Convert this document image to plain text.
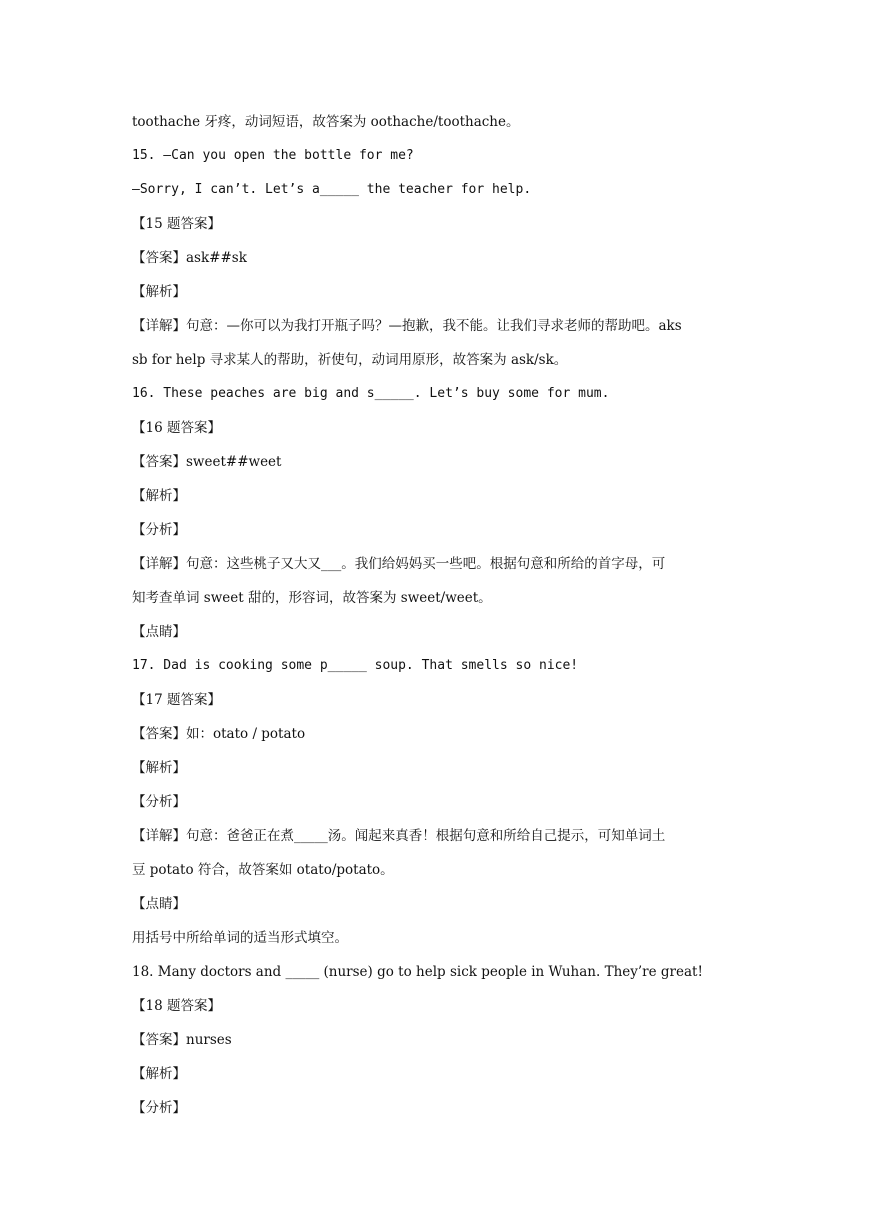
toothache 牙疼，动词短语，故答案为 oothache/toothache。
15. —Can you open the bottle for me?
—Sorry, I can’t. Let’s a_____ the teacher for help.
【15 题答案】
【答案】ask##sk
【解析】
【详解】句意：—你可以为我打开瓶子吗？—抱歉，我不能。让我们寻求老师的帮助吧。aks
sb for help 寻求某人的帮助，祈使句，动词用原形，故答案为 ask/sk。
16. These peaches are big and s_____. Let’s buy some for mum.
【16 题答案】
【答案】sweet##weet
【解析】
【分析】
【详解】句意：这些桃子又大又___。我们给妈妈买一些吧。根据句意和所给的首字母，可
知考查单词 sweet 甜的，形容词，故答案为 sweet/weet。
【点睛】
17. Dad is cooking some p_____ soup. That smells so nice!
【17 题答案】
【答案】如：otato / potato
【解析】
【分析】
【详解】句意：爸爸正在煮_____汤。闻起来真香！根据句意和所给自己提示，可知单词土
豆 potato 符合，故答案如 otato/potato。
【点睛】
用括号中所给单词的适当形式填空。
18. Many doctors and _____ (nurse) go to help sick people in Wuhan. They’re great!
【18 题答案】
【答案】nurses
【解析】
【分析】
